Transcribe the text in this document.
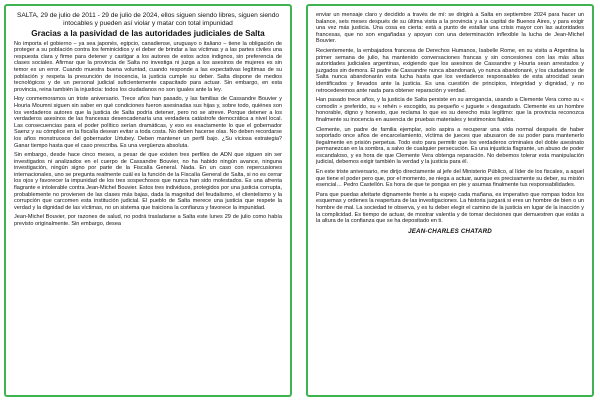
SALTA, 29 de julio de 2011 - 29 de julio de 2024, ellos siguen siendo libres, siguen siendo intocables y pueden así violar y matar con total impunidad

Gracias a la pasividad de las autoridades judiciales de Salta

No importa el gobierno – ya sea japonés, egipcio, canadiense, uruguayo o italiano – tiene la obligación de proteger a su población contra los feminicidios y el deber de brindar a las víctimas y a las partes civiles una respuesta clara y firme para detener y castigar a los autores de estos actos indignos, sin preferencia de clases sociales. Afirmar que la provincia de Salta no investiga ni juzga a los asesinos de mujeres es sin temor es un error. Cuando muestra buena voluntad, cuando responde a las expectativas legítimas de su población y respeta la presunción de inocencia, la justicia cumple su deber. Salta dispone de medios tecnológicos y de un personal judicial suficientemente capacitado para actuar. Sin embargo, en esta provincia, reina también la injusticia: todos los ciudadanos no son iguales ante la ley.

Hoy conmemoramos un triste aniversario. Trece años han pasado, y las familias de Cassandre Bouvier y Houria Moumni siguen sin saber en qué condiciones fueron asesinadas sus hijas y, sobre todo, quiénes son los verdaderos autores que la justicia de Salta podría detener, pero no se atreve. Porque detener a los verdaderos asesinos de las francesas desencadenaría una verdadera catástrofe democrática a nivel local. Las consecuencias para el poder político serían dramáticas, y eso es exactamente lo que el gobernador Saenz y su cómplice en la fiscalía desean evitar a toda costa. No deben hacerse olas. No deben recordarse los años monstruosos del gobernador Urtubey. Deben mantener un perfil bajo. ¿Su viciosa estrategia? Ganar tiempo hasta que el caso prescriba. Es una vergüenza absoluta.

Sin embargo, desde hace cinco meses, a pesar de que existen tres perfiles de ADN que siguen sin ser investigados ni analizados en el cuerpo de Cassandre Bouvier, no ha habido ningún avance, ninguna investigación, ningún signo por parte de la Fiscalía General. Nada. En un caso con repercusiones internacionales, uno se pregunta realmente cuál es la función de la Fiscalía General de Salta, si no es cerrar los ojos y favorecer la impunidad de los tres sospechosos que nunca han sido molestados. Es una afrenta flagrante e intolerable contra Jean-Michel Bouvier. Estos tres individuos, protegidos por una justicia corrupta, probablemente no provienen de las clases más bajas, dada la magnitud del feudalismo, el clientelismo y la corrupción que carcomen esta institución judicial. El pueblo de Salta merece una justicia que respete la verdad y la dignidad de las víctimas, no un sistema que traiciona la confianza y favorece la impunidad.

Jean-Michel Bouvier, por razones de salud, no podrá trasladarse a Salta este lunes 29 de julio como había previsto originalmente. Sin embargo, desea

enviar un mensaje claro y decidido a través de mí: se dirigirá a Salta en septiembre 2024 para hacer un balance, seis meses después de su última visita a la provincia y a la capital de Buenos Aires, y para exigir una vez más justicia. Una cosa es cierta: está a punto de estallar una crisis mayor con las autoridades francesas, que no son engañadas y apoyan con una determinación inflexible la lucha de Jean-Michel Bouvier.

Recientemente, la embajadora francesa de Derechos Humanos, Isabelle Rome, en su visita a Argentina la primer semana de julio, ha mantenido conversaciones francas y sin concesiones con las más altas autoridades judiciales argentinas, exigiendo que los asesinos de Cassandre y Houria sean arrestados y juzgados sin demora. El padre de Cassandre nunca abandonará, yo nunca abandonaré, y los ciudadanos de Salta nunca abandonarán esta lucha hasta que los verdaderos responsables de esta atrocidad sean identificados y llevados ante la justicia. Es una cuestión de principios, integridad y dignidad, y no retrocederemos ante nada para obtener reparación y verdad.

Han pasado trece años, y la justicia de Salta persiste en su arrogancia, usando a Clemente Vera como su « comodín » preferido, su « rehén » escogido, su pequeño « juguete » desgastado. Clemente es un hombre honorable, digno y honesto, que reclama lo que es su derecho más legítimo: que la provincia reconozca finalmente su inocencia en ausencia de pruebas materiales y testimonios fiables.

Clemente, un padre de familia ejemplar, solo aspira a recuperar una vida normal después de haber soportado once años de encarcelamiento, víctima de jueces que abusaron de su poder para mantenerlo ilegalmente en prisión perpetua. Todo esto para permitir que los verdaderos criminales del doble asesinato permanezcan en la sombra, a salvo de cualquier persecución. Es una injusticia flagrante, un abuso de poder escandaloso, y es hora de que Clemente Vera obtenga reparación. No debemos tolerar esta manipulación judicial, debemos exigir también la verdad y la justicia para él.

En este triste aniversario, me dirijo directamente al jefe del Ministerio Público, al líder de los fiscales, a aquel que tiene el poder pero que, por el momento, se niega a actuar, aunque es precisamente su deber, su misión esencial… Pedro Castellón. Es hora de que te pongas en pie y asumas finalmente tus responsabilidades.

Para que puedas afeitarte dignamente frente a tu espejo cada mañana, es imperativo que rompas todos los esquemas y ordenes la reapertura de las investigaciones. La historia juzgará si eres un hombre de bien o un hombre de mal. La sociedad te observa, y es tu deber elegir el camino de la justicia en lugar de la inacción y la complicidad. Es tiempo de actuar, de mostrar valentía y de tomar decisiones que demuestren que estás a la altura de la confianza que se ha depositado en ti.

JEAN-CHARLES CHATARD
